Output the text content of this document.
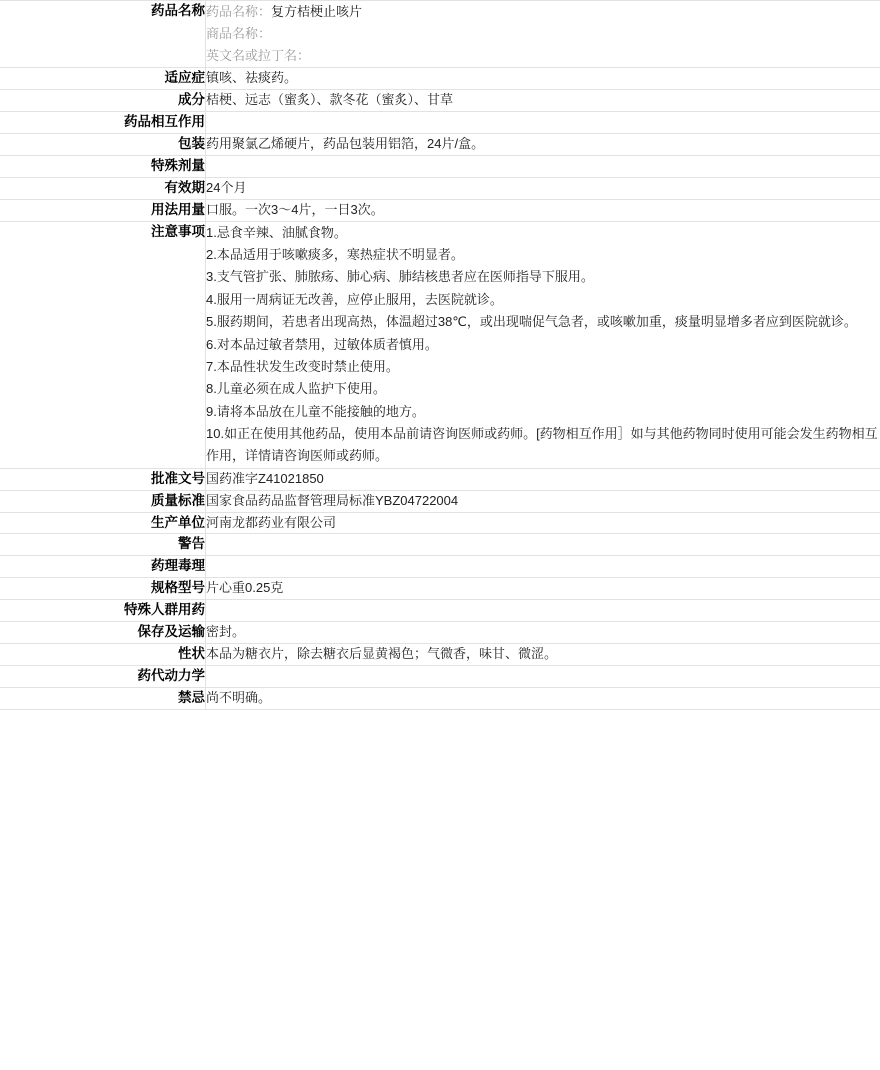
药品名称	药品名称：复方桔梗止咳片
商品名称：
英文名或拉丁名：

适应症	镇咳、祛痰药。
成分	桔梗、远志（蜜炙）、款冬花（蜜炙）、甘草
药品相互作用	

包装	药用聚氯乙烯硬片，药品包装用铝箔，24片/盒。
特殊剂量	

有效期	24个月
用法用量	口服。一次3～4片，一日3次。
注意事项	1.忌食辛辣、油腻食物。
2.本品适用于咳嗽痰多，寒热症状不明显者。
3.支气管扩张、肺脓疡、肺心病、肺结核患者应在医师指导下服用。
4.服用一周病证无改善，应停止服用，去医院就诊。
5.服药期间，若患者出现高热，体温超过38℃，或出现喘促气急者，或咳嗽加重，痰量明显增多者应到医院就诊。
6.对本品过敏者禁用，过敏体质者慎用。
7.本品性状发生改变时禁止使用。
8.儿童必须在成人监护下使用。
9.请将本品放在儿童不能接触的地方。
10.如正在使用其他药品，使用本品前请咨询医师或药师。[药物相互作用］如与其他药物同时使用可能会发生药物相互作用，详情请咨询医师或药师。

批准文号	国药准字Z41021850
质量标准	国家食品药品监督管理局标准YBZ04722004
生产单位	河南龙都药业有限公司
警告	

药理毒理	

规格型号	片心重0.25克
特殊人群用药	

保存及运输	密封。
性状	本品为糖衣片，除去糖衣后显黄褐色；气微香，味甘、微涩。
药代动力学	

禁忌	尚不明确。
